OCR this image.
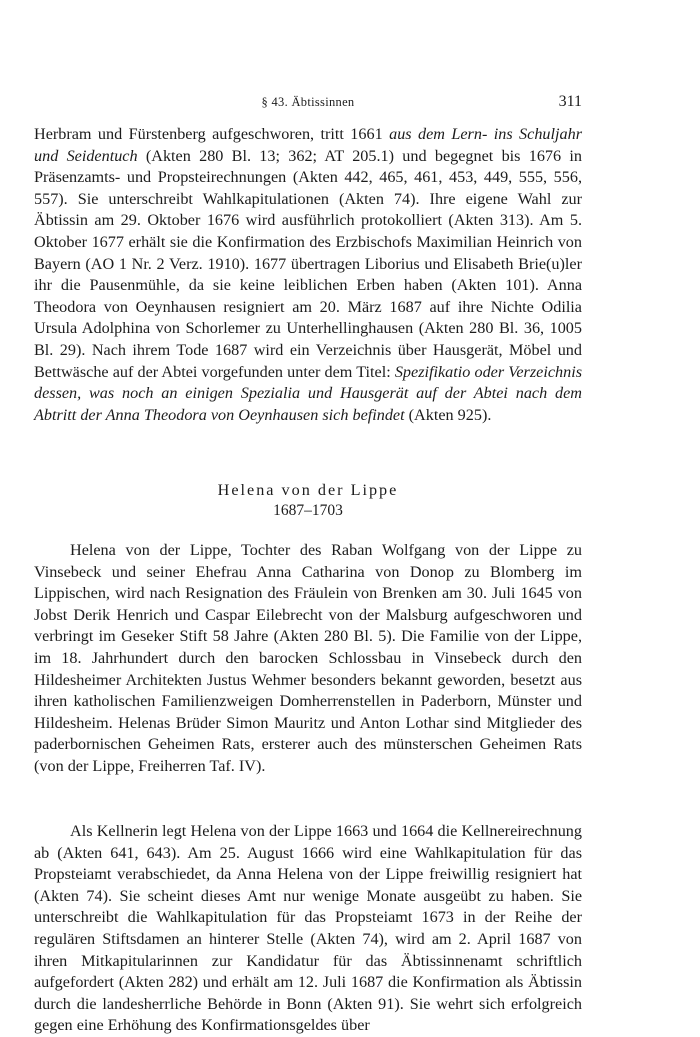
§ 43. Äbtissinnen	311

Herbram und Fürstenberg aufgeschworen, tritt 1661 aus dem Lern- ins Schuljahr und Seidentuch (Akten 280 Bl. 13; 362; AT 205.1) und begegnet bis 1676 in Präsenzamts- und Propsteirechnungen (Akten 442, 465, 461, 453, 449, 555, 556, 557). Sie unterschreibt Wahlkapitulationen (Akten 74). Ihre eigene Wahl zur Äbtissin am 29. Oktober 1676 wird ausführlich protokolliert (Akten 313). Am 5. Oktober 1677 erhält sie die Konfirmation des Erzbischofs Maximilian Heinrich von Bayern (AO 1 Nr. 2 Verz. 1910). 1677 übertragen Liborius und Elisabeth Brie(u)ler ihr die Pausenmühle, da sie keine leiblichen Erben haben (Akten 101). Anna Theodora von Oeynhausen resigniert am 20. März 1687 auf ihre Nichte Odilia Ursula Adolphina von Schorlemer zu Unterhellinghausen (Akten 280 Bl. 36, 1005 Bl. 29). Nach ihrem Tode 1687 wird ein Verzeichnis über Hausgerät, Möbel und Bettwäsche auf der Abtei vorgefunden unter dem Titel: Spezifikatio oder Verzeichnis dessen, was noch an einigen Spezialia und Hausgerät auf der Abtei nach dem Abtritt der Anna Theodora von Oeynhausen sich befindet (Akten 925).

Helena von der Lippe
1687–1703

Helena von der Lippe, Tochter des Raban Wolfgang von der Lippe zu Vinsebeck und seiner Ehefrau Anna Catharina von Donop zu Blomberg im Lippischen, wird nach Resignation des Fräulein von Brenken am 30. Juli 1645 von Jobst Derik Henrich und Caspar Eilebrecht von der Malsburg aufgeschworen und verbringt im Geseker Stift 58 Jahre (Akten 280 Bl. 5). Die Familie von der Lippe, im 18. Jahrhundert durch den barocken Schlossbau in Vinsebeck durch den Hildesheimer Architekten Justus Wehmer besonders bekannt geworden, besetzt aus ihren katholischen Familienzweigen Domherrenstellen in Paderborn, Münster und Hildesheim. Helenas Brüder Simon Mauritz und Anton Lothar sind Mitglieder des paderbornischen Geheimen Rats, ersterer auch des münsterschen Geheimen Rats (von der Lippe, Freiherren Taf. IV).

Als Kellnerin legt Helena von der Lippe 1663 und 1664 die Kellnereirechnung ab (Akten 641, 643). Am 25. August 1666 wird eine Wahlkapitulation für das Propsteiamt verabschiedet, da Anna Helena von der Lippe freiwillig resigniert hat (Akten 74). Sie scheint dieses Amt nur wenige Monate ausgeübt zu haben. Sie unterschreibt die Wahlkapitulation für das Propsteiamt 1673 in der Reihe der regulären Stiftsdamen an hinterer Stelle (Akten 74), wird am 2. April 1687 von ihren Mitkapitularinnen zur Kandidatur für das Äbtissinnenamt schriftlich aufgefordert (Akten 282) und erhält am 12. Juli 1687 die Konfirmation als Äbtissin durch die landesherrliche Behörde in Bonn (Akten 91). Sie wehrt sich erfolgreich gegen eine Erhöhung des Konfirmationsgeldes über
